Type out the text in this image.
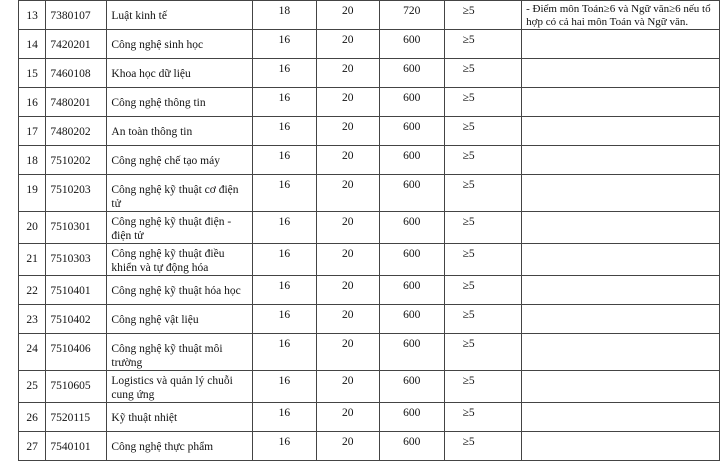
13	7380107	Luật kinh tế	18	20	720	≥5	- Điểm môn Toán≥6 và Ngữ văn≥6 nếu tổ hợp có cả hai môn Toán và Ngữ văn.
14	7420201	Công nghệ sinh học	16	20	600	≥5	
15	7460108	Khoa học dữ liệu	16	20	600	≥5	
16	7480201	Công nghệ thông tin	16	20	600	≥5	
17	7480202	An toàn thông tin	16	20	600	≥5	
18	7510202	Công nghệ chế tạo máy	16	20	600	≥5	
19	7510203	Công nghệ kỹ thuật cơ điện tử	16	20	600	≥5	
20	7510301	Công nghệ kỹ thuật điện - điện tử	16	20	600	≥5	
21	7510303	Công nghệ kỹ thuật điều khiển và tự động hóa	16	20	600	≥5	
22	7510401	Công nghệ kỹ thuật hóa học	16	20	600	≥5	
23	7510402	Công nghệ vật liệu	16	20	600	≥5	
24	7510406	Công nghệ kỹ thuật môi trường	16	20	600	≥5	
25	7510605	Logistics và quản lý chuỗi cung ứng	16	20	600	≥5	
26	7520115	Kỹ thuật nhiệt	16	20	600	≥5	
27	7540101	Công nghệ thực phẩm	16	20	600	≥5	
